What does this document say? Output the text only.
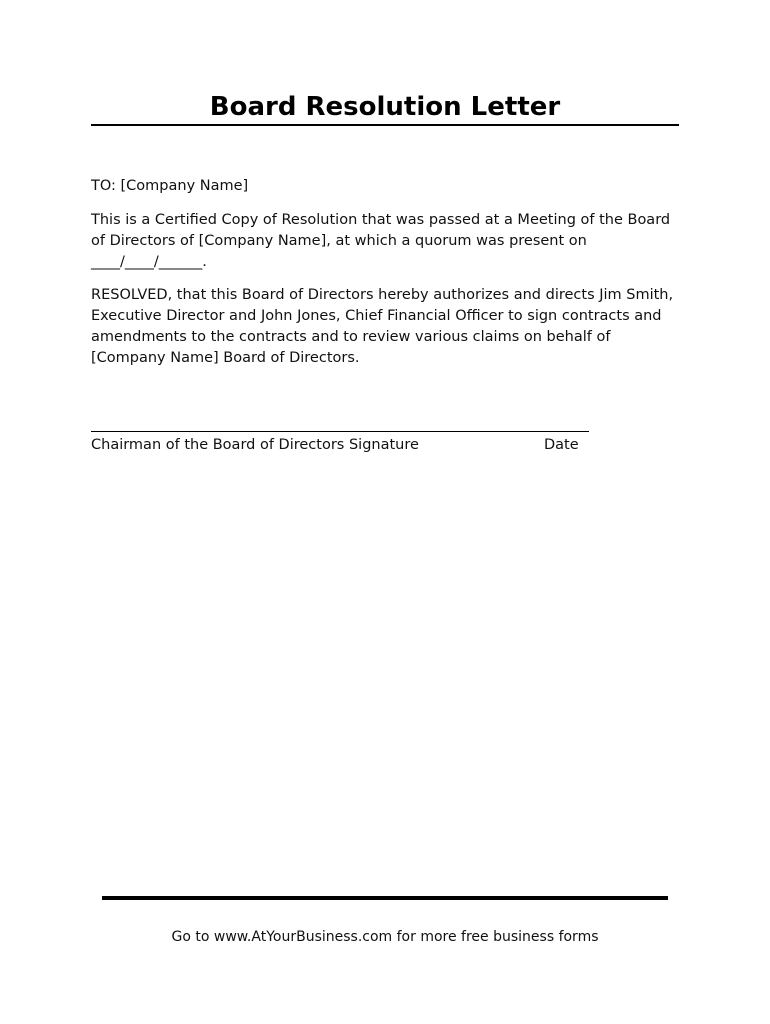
Board Resolution Letter
TO: [Company Name]
This is a Certified Copy of Resolution that was passed at a Meeting of the Board of Directors of [Company Name], at which a quorum was present on ____/____/______.
RESOLVED, that this Board of Directors hereby authorizes and directs Jim Smith, Executive Director and John Jones, Chief Financial Officer to sign contracts and amendments to the contracts and to review various claims on behalf of [Company Name] Board of Directors.
Chairman of the Board of Directors Signature	Date
Go to www.AtYourBusiness.com for more free business forms
